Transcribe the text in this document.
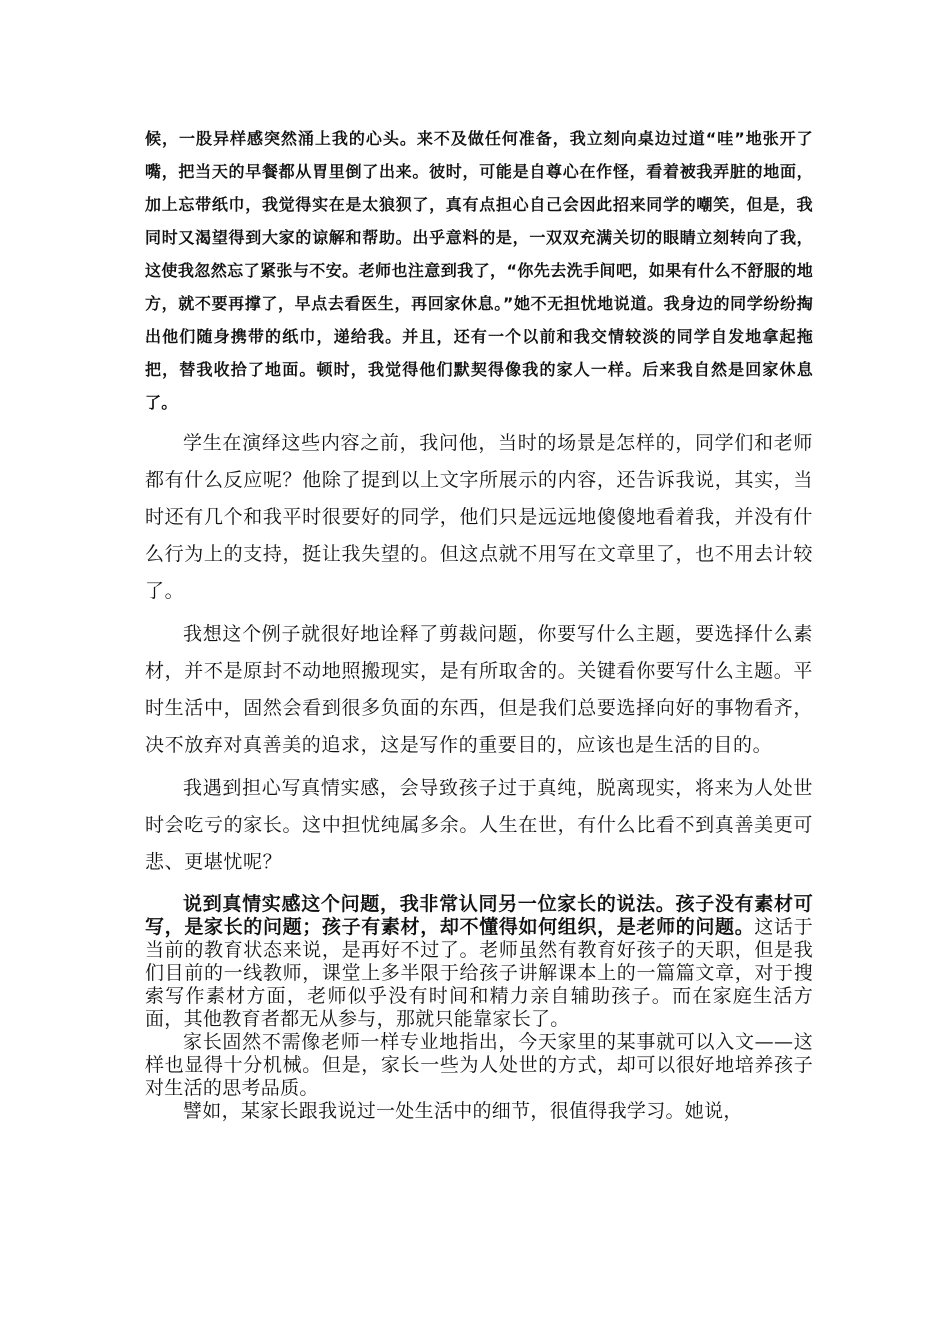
候，一股异样感突然涌上我的心头。来不及做任何准备，我立刻向桌边过道“哇”地张开了嘴，把当天的早餐都从胃里倒了出来。彼时，可能是自尊心在作怪，看着被我弄脏的地面，加上忘带纸巾，我觉得实在是太狼狈了，真有点担心自己会因此招来同学的嘲笑，但是，我同时又渴望得到大家的谅解和帮助。出乎意料的是，一双双充满关切的眼睛立刻转向了我，这使我忽然忘了紧张与不安。老师也注意到我了，“你先去洗手间吧，如果有什么不舒服的地方，就不要再撑了，早点去看医生，再回家休息。”她不无担忧地说道。我身边的同学纷纷掏出他们随身携带的纸巾，递给我。并且，还有一个以前和我交情较淡的同学自发地拿起拖把，替我收拾了地面。顿时，我觉得他们默契得像我的家人一样。后来我自然是回家休息了。

学生在演绎这些内容之前，我问他，当时的场景是怎样的，同学们和老师都有什么反应呢？他除了提到以上文字所展示的内容，还告诉我说，其实，当时还有几个和我平时很要好的同学，他们只是远远地傻傻地看着我，并没有什么行为上的支持，挺让我失望的。但这点就不用写在文章里了，也不用去计较了。

我想这个例子就很好地诠释了剪裁问题，你要写什么主题，要选择什么素材，并不是原封不动地照搬现实，是有所取舍的。关键看你要写什么主题。平时生活中，固然会看到很多负面的东西，但是我们总要选择向好的事物看齐，决不放弃对真善美的追求，这是写作的重要目的，应该也是生活的目的。

我遇到担心写真情实感，会导致孩子过于真纯，脱离现实，将来为人处世时会吃亏的家长。这中担忧纯属多余。人生在世，有什么比看不到真善美更可悲、更堪忧呢？

说到真情实感这个问题，我非常认同另一位家长的说法。孩子没有素材可写，是家长的问题；孩子有素材，却不懂得如何组织，是老师的问题。这话于当前的教育状态来说，是再好不过了。老师虽然有教育好孩子的天职，但是我们目前的一线教师，课堂上多半限于给孩子讲解课本上的一篇篇文章，对于搜索写作素材方面，老师似乎没有时间和精力亲自辅助孩子。而在家庭生活方面，其他教育者都无从参与，那就只能靠家长了。

家长固然不需像老师一样专业地指出，今天家里的某事就可以入文——这样也显得十分机械。但是，家长一些为人处世的方式，却可以很好地培养孩子对生活的思考品质。

譬如，某家长跟我说过一处生活中的细节，很值得我学习。她说，
